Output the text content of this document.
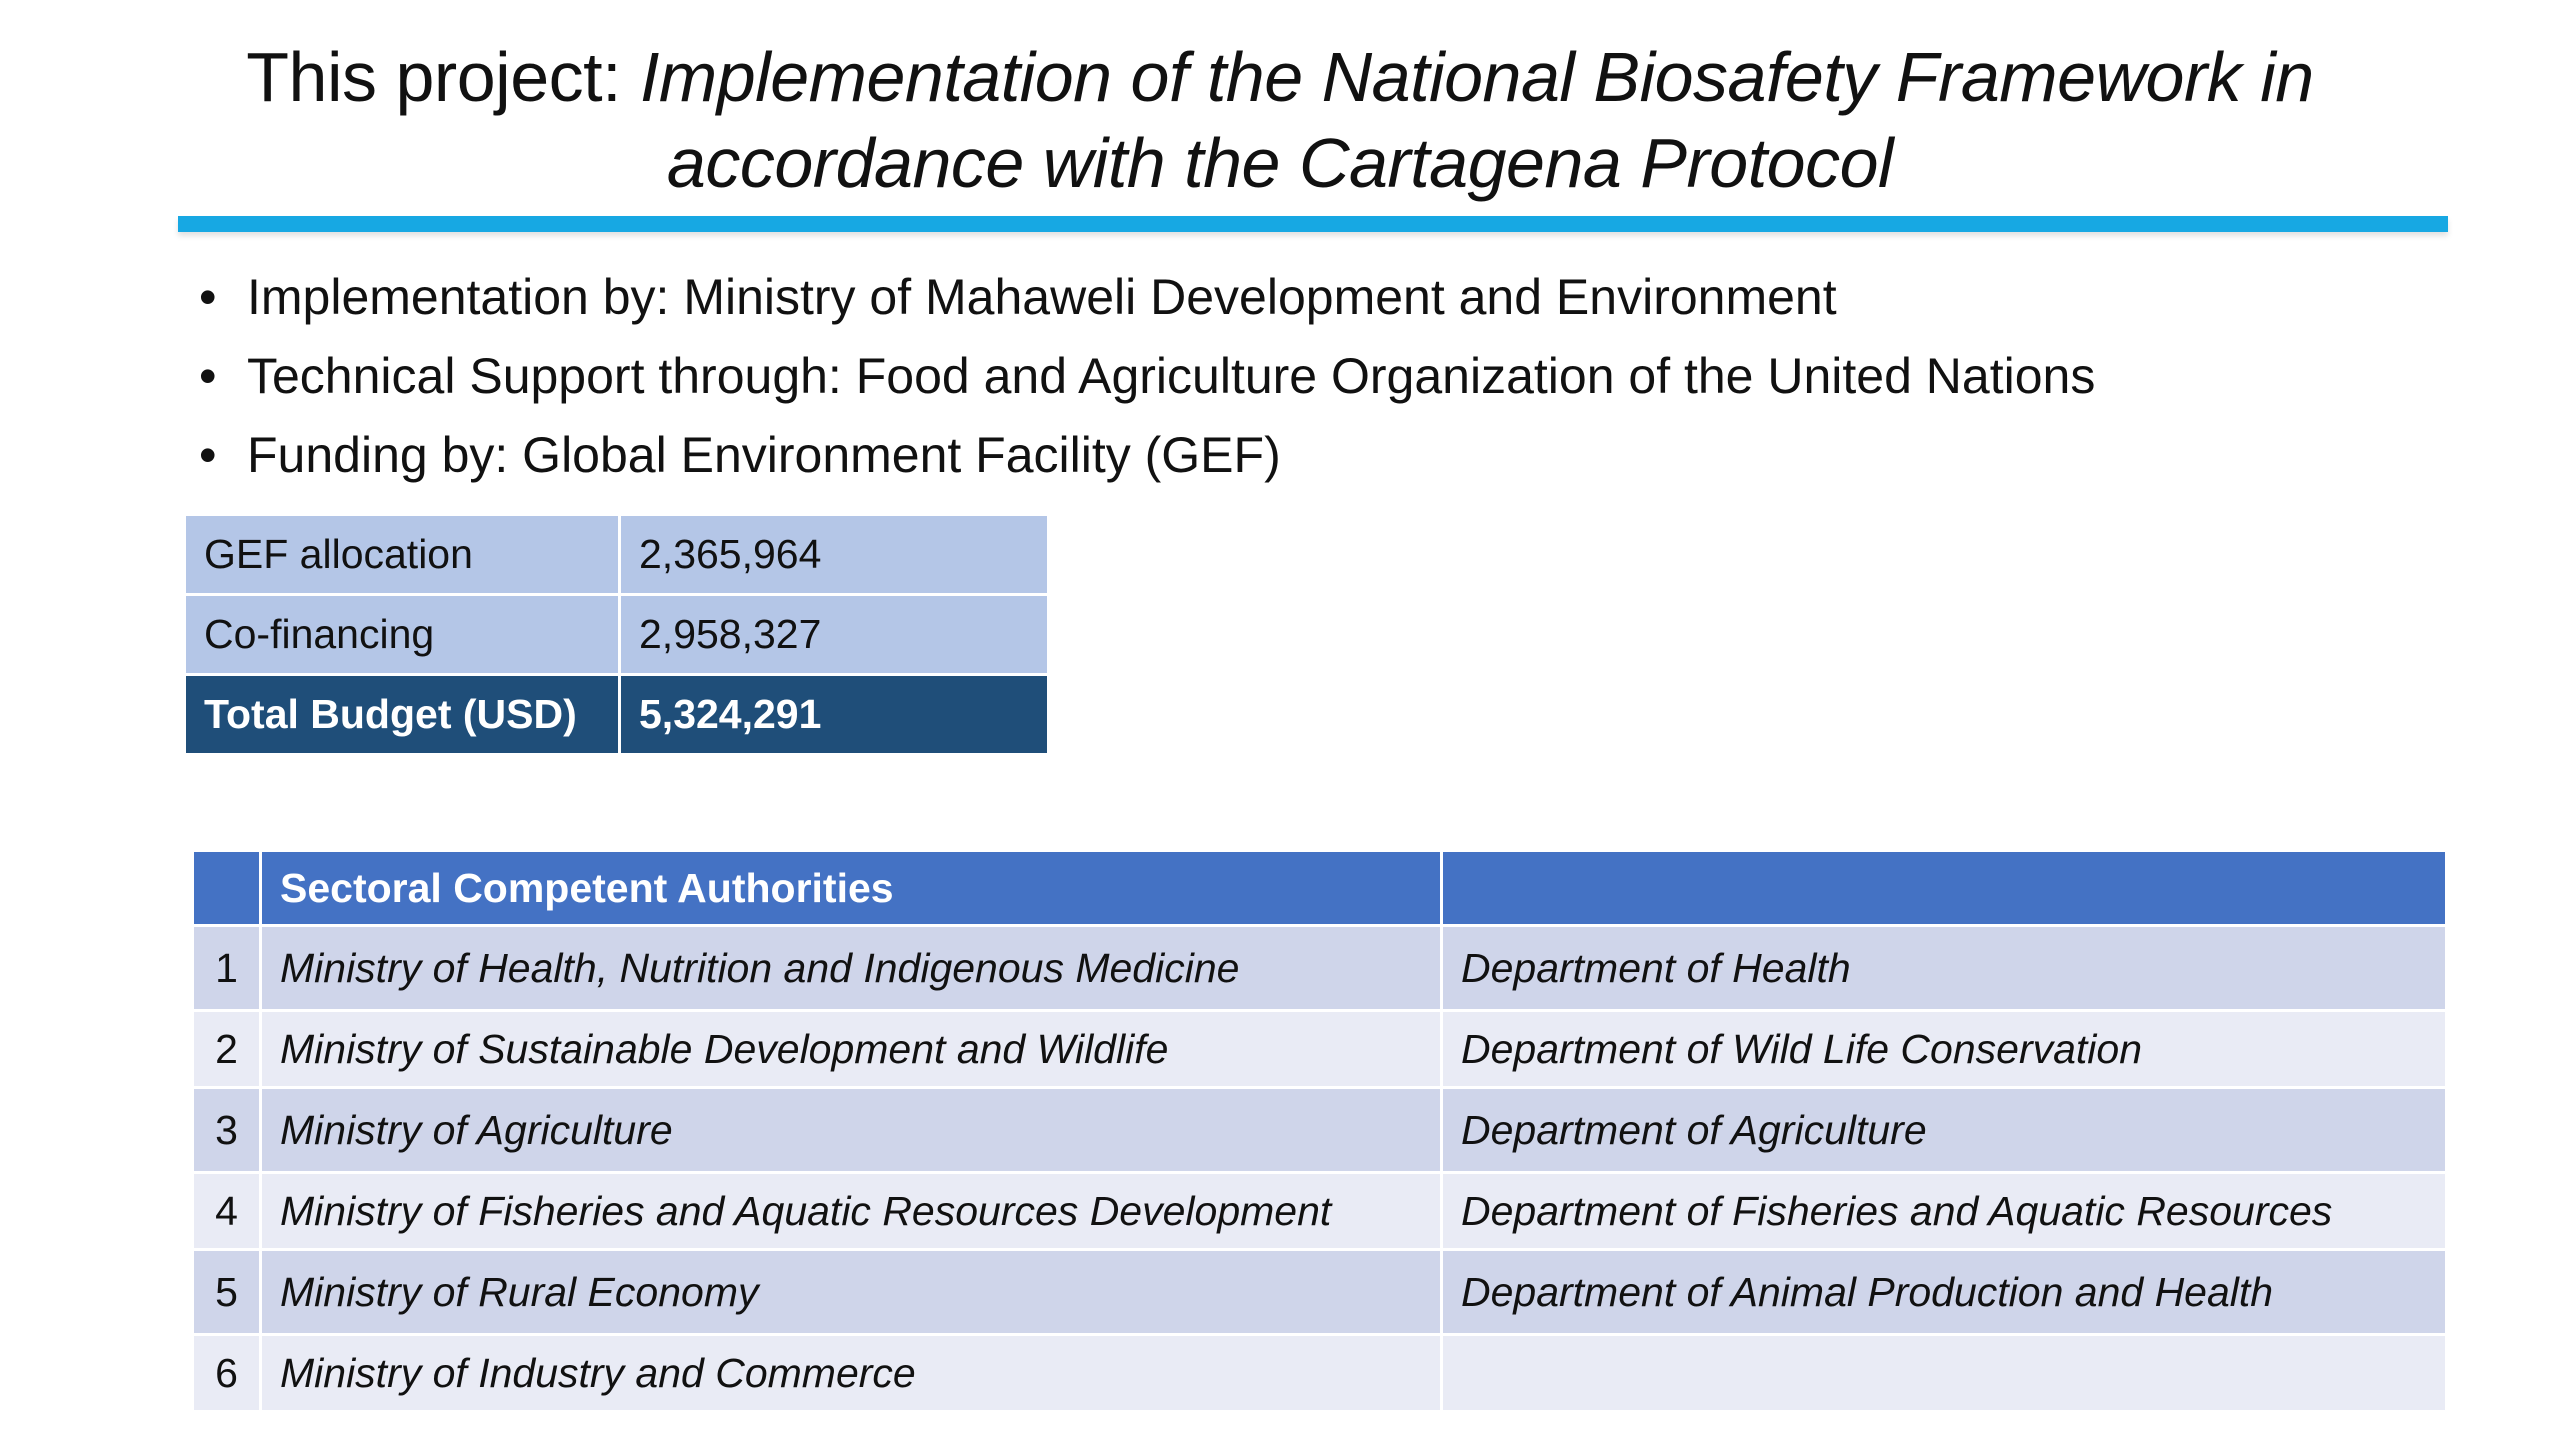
This project: Implementation of the National Biosafety Framework in accordance with the Cartagena Protocol
• Implementation by: Ministry of Mahaweli Development and Environment
• Technical Support through: Food and Agriculture Organization of the United Nations
• Funding by: Global Environment Facility (GEF)
GEF allocation	2,365,964
Co-financing	2,958,327
Total Budget (USD)	5,324,291
	Sectoral Competent Authorities	
1	Ministry of Health, Nutrition and Indigenous Medicine	Department of Health
2	Ministry of Sustainable Development and Wildlife	Department of Wild Life Conservation
3	Ministry of Agriculture	Department of Agriculture
4	Ministry of Fisheries and Aquatic Resources Development	Department of Fisheries and Aquatic Resources
5	Ministry of Rural Economy	Department of Animal Production and Health
6	Ministry of Industry and Commerce	
